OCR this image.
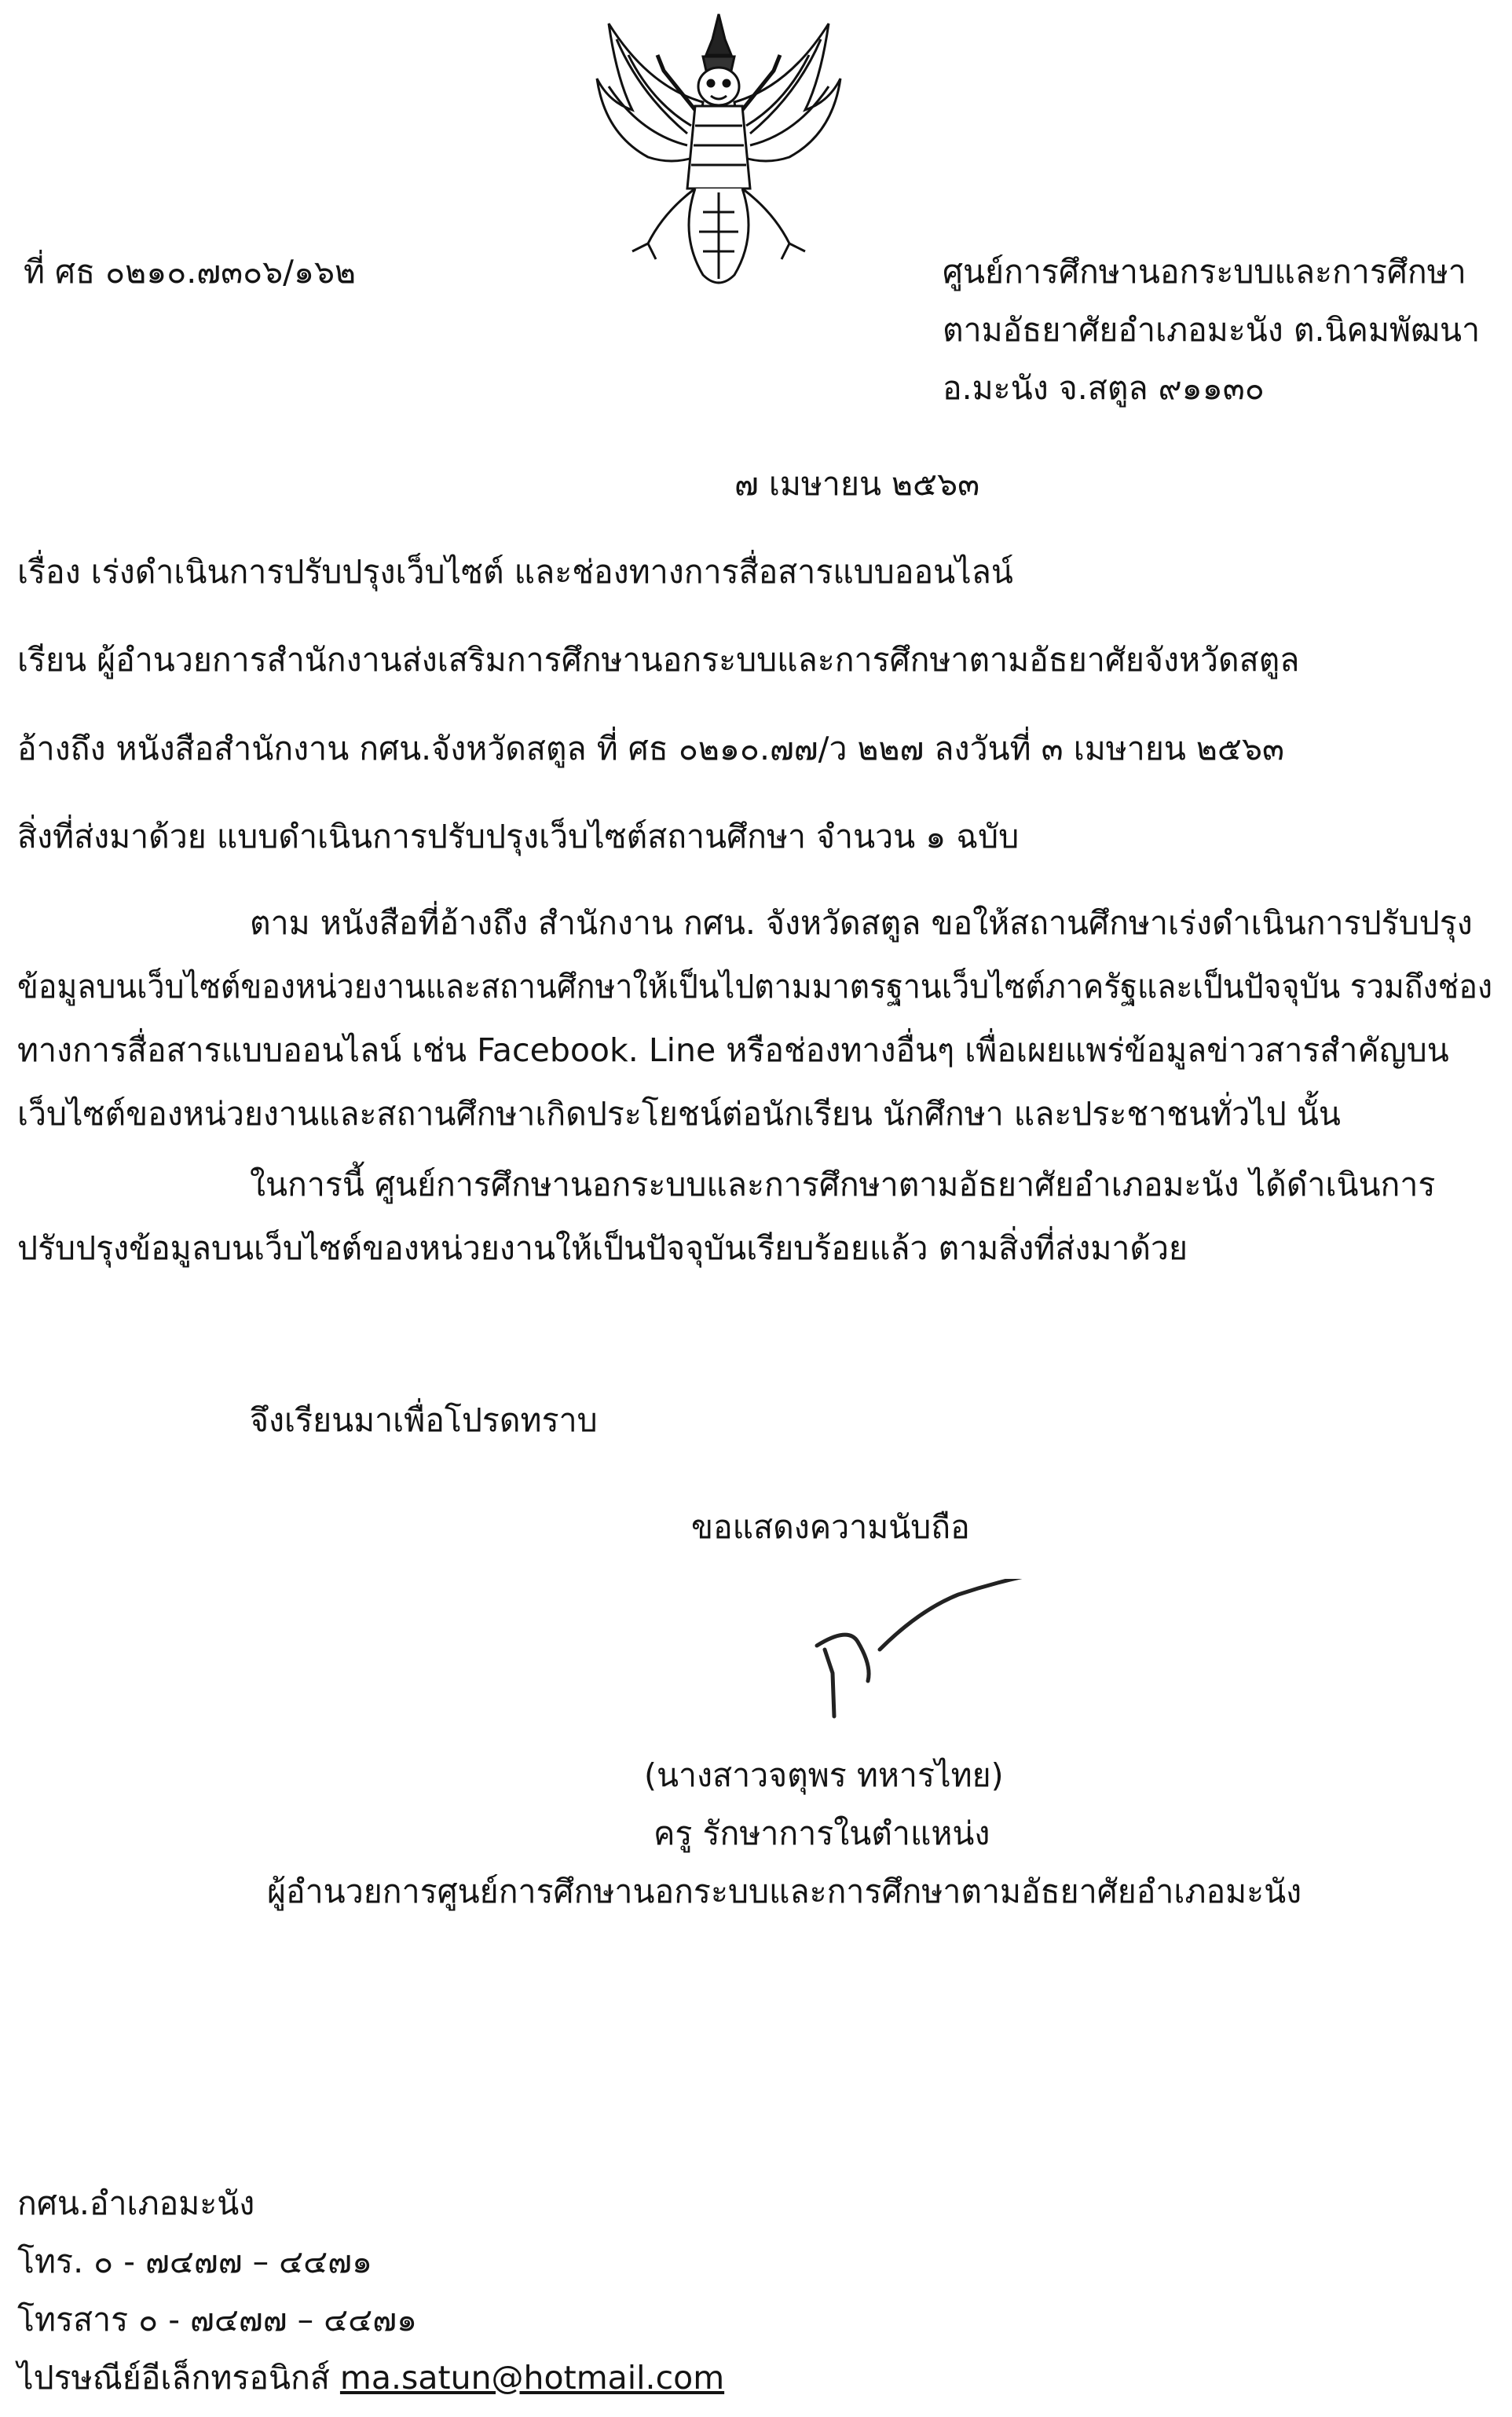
ที่ ศธ ๐๒๑๐.๗๓๐๖/๑๖๒	ศูนย์การศึกษานอกระบบและการศึกษา
ตามอัธยาศัยอำเภอมะนัง ต.นิคมพัฒนา
อ.มะนัง จ.สตูล ๙๑๑๓๐
๗ เมษายน ๒๕๖๓
เรื่อง เร่งดำเนินการปรับปรุงเว็บไซต์ และช่องทางการสื่อสารแบบออนไลน์
เรียน ผู้อำนวยการสำนักงานส่งเสริมการศึกษานอกระบบและการศึกษาตามอัธยาศัยจังหวัดสตูล
อ้างถึง หนังสือสำนักงาน กศน.จังหวัดสตูล ที่ ศธ ๐๒๑๐.๗๗/ว ๒๒๗ ลงวันที่ ๓ เมษายน ๒๕๖๓
สิ่งที่ส่งมาด้วย แบบดำเนินการปรับปรุงเว็บไซต์สถานศึกษา จำนวน ๑ ฉบับ
ตาม หนังสือที่อ้างถึง สำนักงาน กศน. จังหวัดสตูล ขอให้สถานศึกษาเร่งดำเนินการปรับปรุง
ข้อมูลบนเว็บไซต์ของหน่วยงานและสถานศึกษาให้เป็นไปตามมาตรฐานเว็บไซต์ภาครัฐและเป็นปัจจุบัน รวมถึงช่อง
ทางการสื่อสารแบบออนไลน์ เช่น Facebook. Line หรือช่องทางอื่นๆ เพื่อเผยแพร่ข้อมูลข่าวสารสำคัญบน
เว็บไซต์ของหน่วยงานและสถานศึกษาเกิดประโยชน์ต่อนักเรียน นักศึกษา และประชาชนทั่วไป นั้น
ในการนี้ ศูนย์การศึกษานอกระบบและการศึกษาตามอัธยาศัยอำเภอมะนัง ได้ดำเนินการ
ปรับปรุงข้อมูลบนเว็บไซต์ของหน่วยงานให้เป็นปัจจุบันเรียบร้อยแล้ว ตามสิ่งที่ส่งมาด้วย
จึงเรียนมาเพื่อโปรดทราบ
ขอแสดงความนับถือ
(นางสาวจตุพร ทหารไทย)
ครู รักษาการในตำแหน่ง
ผู้อำนวยการศูนย์การศึกษานอกระบบและการศึกษาตามอัธยาศัยอำเภอมะนัง
กศน.อำเภอมะนัง
โทร. ๐ - ๗๔๗๗ – ๔๔๗๑
โทรสาร ๐ - ๗๔๗๗ – ๔๔๗๑
ไปรษณีย์อีเล็กทรอนิกส์ ma.satun@hotmail.com
